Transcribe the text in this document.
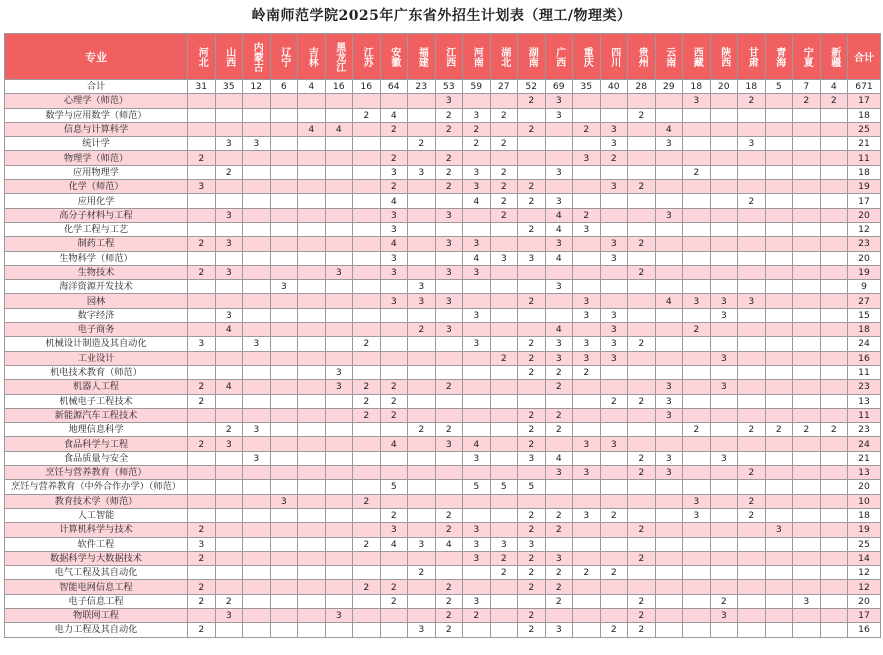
岭南师范学院2025年广东省外招生计划表（理工/物理类）
专业	河北	山西	内蒙古	辽宁	吉林	黑龙江	江苏	安徽	福建	江西	河南	湖北	湖南	广西	重庆	四川	贵州	云南	西藏	陕西	甘肃	青海	宁夏	新疆	合计
合计	31	35	12	6	4	16	16	64	23	53	59	27	52	69	35	40	28	29	18	20	18	5	7	4	671
心理学（师范）										3			2	3					3		2		2	2	17
数学与应用数学（师范）							2	4		2	3	2		3			2								18
信息与计算科学					4	4		2		2	2		2		2	3		4							25
统计学		3	3						2		2	2				3		3			3				21
物理学（师范）	2							2		2					3	2									11
应用物理学		2						3	3	2	3	2		3					2						18
化学（师范）	3							2		2	3	2	2			3	2								19
应用化学								4			4	2	2	3							2				17
高分子材料与工程		3						3		3		2		4	2			3							20
化学工程与工艺								3					2	4	3										12
制药工程	2	3						4		3	3			3		3	2								23
生物科学（师范）								3			4	3	3	4		3									20
生物技术	2	3				3		3		3	3						2								19
海洋资源开发技术				3					3					3											9
园林								3	3	3			2		3			4	3	3	3				27
数字经济		3									3				3	3				3					15
电子商务		4							2	3				4		3			2						18
机械设计制造及其自动化	3		3				2				3		2	3	3	3	2								24
工业设计												2	2	3	3	3				3					16
机电技术教育（师范）						3							2	2	2										11
机器人工程	2	4				3	2	2		2				2				3		3					23
机械电子工程技术	2						2	2								2	2	3							13
新能源汽车工程技术							2	2					2	2				3							11
地理信息科学		2	3						2	2			2	2					2		2	2	2	2	23
食品科学与工程	2	3						4		3	4		2		3	3									24
食品质量与安全			3								3		3	4			2	3		3					21
烹饪与营养教育（师范）														3	3		2	3			2				13
烹饪与营养教育（中外合作办学）（师范）								5			5	5	5												20
教育技术学（师范）				3			2												3		2				10
人工智能								2		2			2	2	3	2			3		2				18
计算机科学与技术	2							3		2	3		2	2			2					3			19
软件工程	3						2	4	3	4	3	3	3												25
数据科学与大数据技术	2										3	2	2	3			2								14
电气工程及其自动化									2			2	2	2	2	2									12
智能电网信息工程	2						2	2		2			2	2											12
电子信息工程	2	2						2		2	3			2			2			2			3		20
物联网工程		3				3				2	2		2				2			3					17
电力工程及其自动化	2								3	2			2	3		2	2								16
